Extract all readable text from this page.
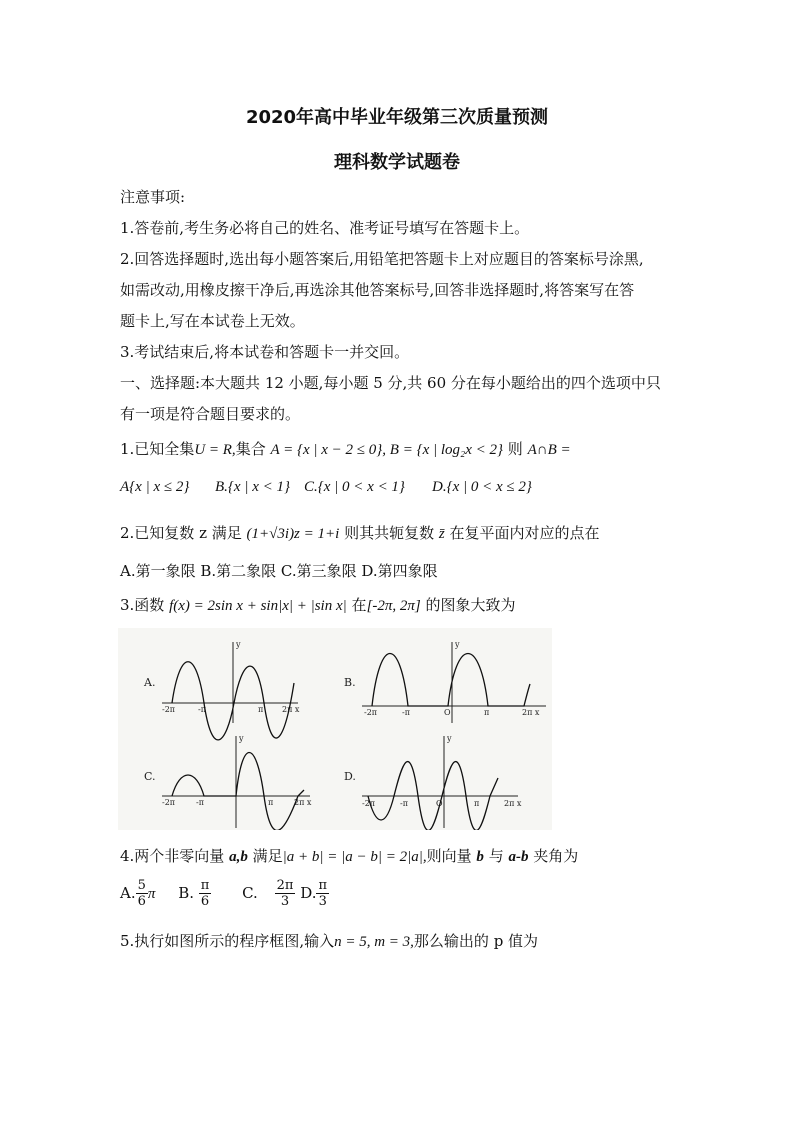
2020年高中毕业年级第三次质量预测
理科数学试题卷
注意事项:
1.答卷前,考生务必将自己的姓名、准考证号填写在答题卡上。
2.回答选择题时,选出每小题答案后,用铅笔把答题卡上对应题目的答案标号涂黑,
如需改动,用橡皮擦干净后,再选涂其他答案标号,回答非选择题时,将答案写在答
题卡上,写在本试卷上无效。
3.考试结束后,将本试卷和答题卡一并交回。
一、选择题:本大题共 12 小题,每小题 5 分,共 60 分在每小题给出的四个选项中只
有一项是符合题目要求的。
1.已知全集U = R,集合 A = {x | x − 2 ≤ 0}, B = {x | log₂x < 2} 则 A∩B =
A{x | x ≤ 2} B.{x | x < 1} C.{x | 0 < x < 1} D.{x | 0 < x ≤ 2}
2.已知复数 z 满足 (1+√3i)z = 1+i 则其共轭复数 z̄ 在复平面内对应的点在
A.第一象限 B.第二象限 C.第三象限 D.第四象限
3.函数 f(x) = 2sin x + sin|x| + |sin x| 在[-2π, 2π] 的图象大致为
A.
y
-2π	-π	π 2π x
B.
y
O
-2π	-π	π	2π x
C.
y
-2π	-π	π	2π x
D.
y
O
-2π	-π	π	2π x
4.两个非零向量 a,b 满足|a + b| = |a − b| = 2|a|,则向量 b 与 a-b 夹角为
A. $\frac{5}{6}$ π B. $\frac{\pi}{6} C$. $\frac{2\pi}{3} D$. $\frac{\pi}{3}$
5.执行如图所示的程序框图,输入n = 5, m = 3,那么输出的 p 值为
